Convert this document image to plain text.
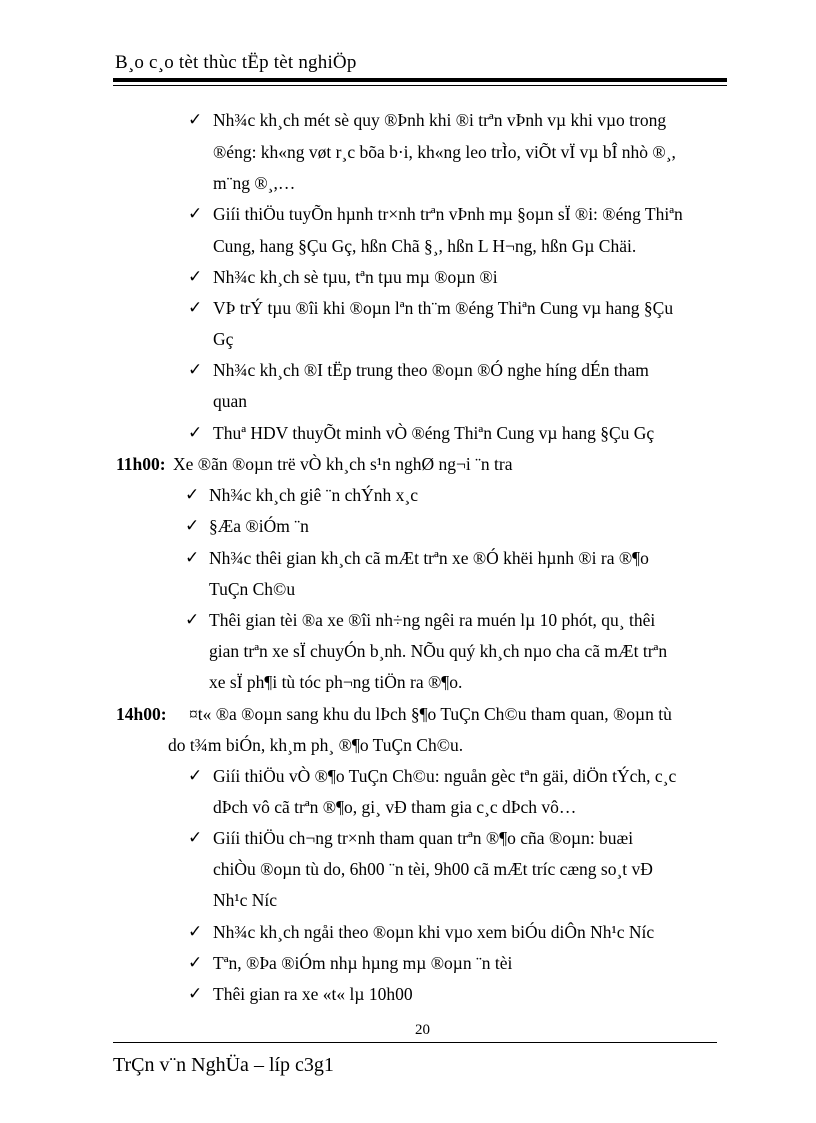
B¸o c¸o tèt thùc tËp tèt nghiÖp
✓ Nh¾c kh¸ch mét sè quy ®Þnh khi ®i trªn vÞnh vµ khi vµo trong
®éng: kh«ng vøt r¸c bõa b·i, kh«ng leo trÌo, viÕt vÏ vµ bÎ nhò ®¸,
m¨ng ®¸,…
✓ Giíi thiÖu tuyÕn hµnh tr×nh trªn vÞnh mµ §oµn sÏ ®i: ®éng Thiªn
Cung, hang §Çu Gç, hßn Chã §¸, hßn L H¬ng, hßn Gµ Chäi.
✓ Nh¾c kh¸ch sè tµu, tªn tµu mµ ®oµn ®i
✓ VÞ trÝ tµu ®îi khi ®oµn lªn th¨m ®éng Thiªn Cung vµ hang §Çu
Gç
✓ Nh¾c kh¸ch ®I tËp trung theo ®oµn ®Ó nghe híng dÉn tham
quan
✓ Thuª HDV thuyÕt minh vÒ ®éng Thiªn Cung vµ hang §Çu Gç
11h00: Xe ®ãn ®oµn trë vÒ kh¸ch s¹n nghØ ng¬i ¨n tra
✓ Nh¾c kh¸ch giê ¨n chÝnh x¸c
✓ §Æa ®iÓm ¨n
✓ Nh¾c thêi gian kh¸ch cã mÆt trªn xe ®Ó khëi hµnh ®i ra ®¶o
TuÇn Ch©u
✓ Thêi gian tèi ®a xe ®îi nh÷ng ngêi ra muén lµ 10 phót, qu¸ thêi
gian trªn xe sÏ chuyÓn b¸nh. NÕu quý kh¸ch nµo cha cã mÆt trªn
xe sÏ ph¶i tù tóc ph¬ng tiÖn ra ®¶o.
14h00: ¤t« ®a ®oµn sang khu du lÞch §¶o TuÇn Ch©u tham quan, ®oµn tù
do t¾m biÓn, kh¸m ph¸ ®¶o TuÇn Ch©u.
✓ Giíi thiÖu vÒ ®¶o TuÇn Ch©u: nguån gèc tªn gäi, diÖn tÝch, c¸c
dÞch vô cã trªn ®¶o, gi¸ vÐ tham gia c¸c dÞch vô…
✓ Giíi thiÖu ch¬ng tr×nh tham quan trªn ®¶o cña ®oµn: buæi
chiÒu ®oµn tù do, 6h00 ¨n tèi, 9h00 cã mÆt tríc cæng so¸t vÐ
Nh¹c Níc
✓ Nh¾c kh¸ch ngåi theo ®oµn khi vµo xem biÓu diÔn Nh¹c Níc
✓ Tªn, ®Þa ®iÓm nhµ hµng mµ ®oµn ¨n tèi
✓ Thêi gian ra xe «t« lµ 10h00
20
TrÇn v¨n NghÜa – líp c3g1
